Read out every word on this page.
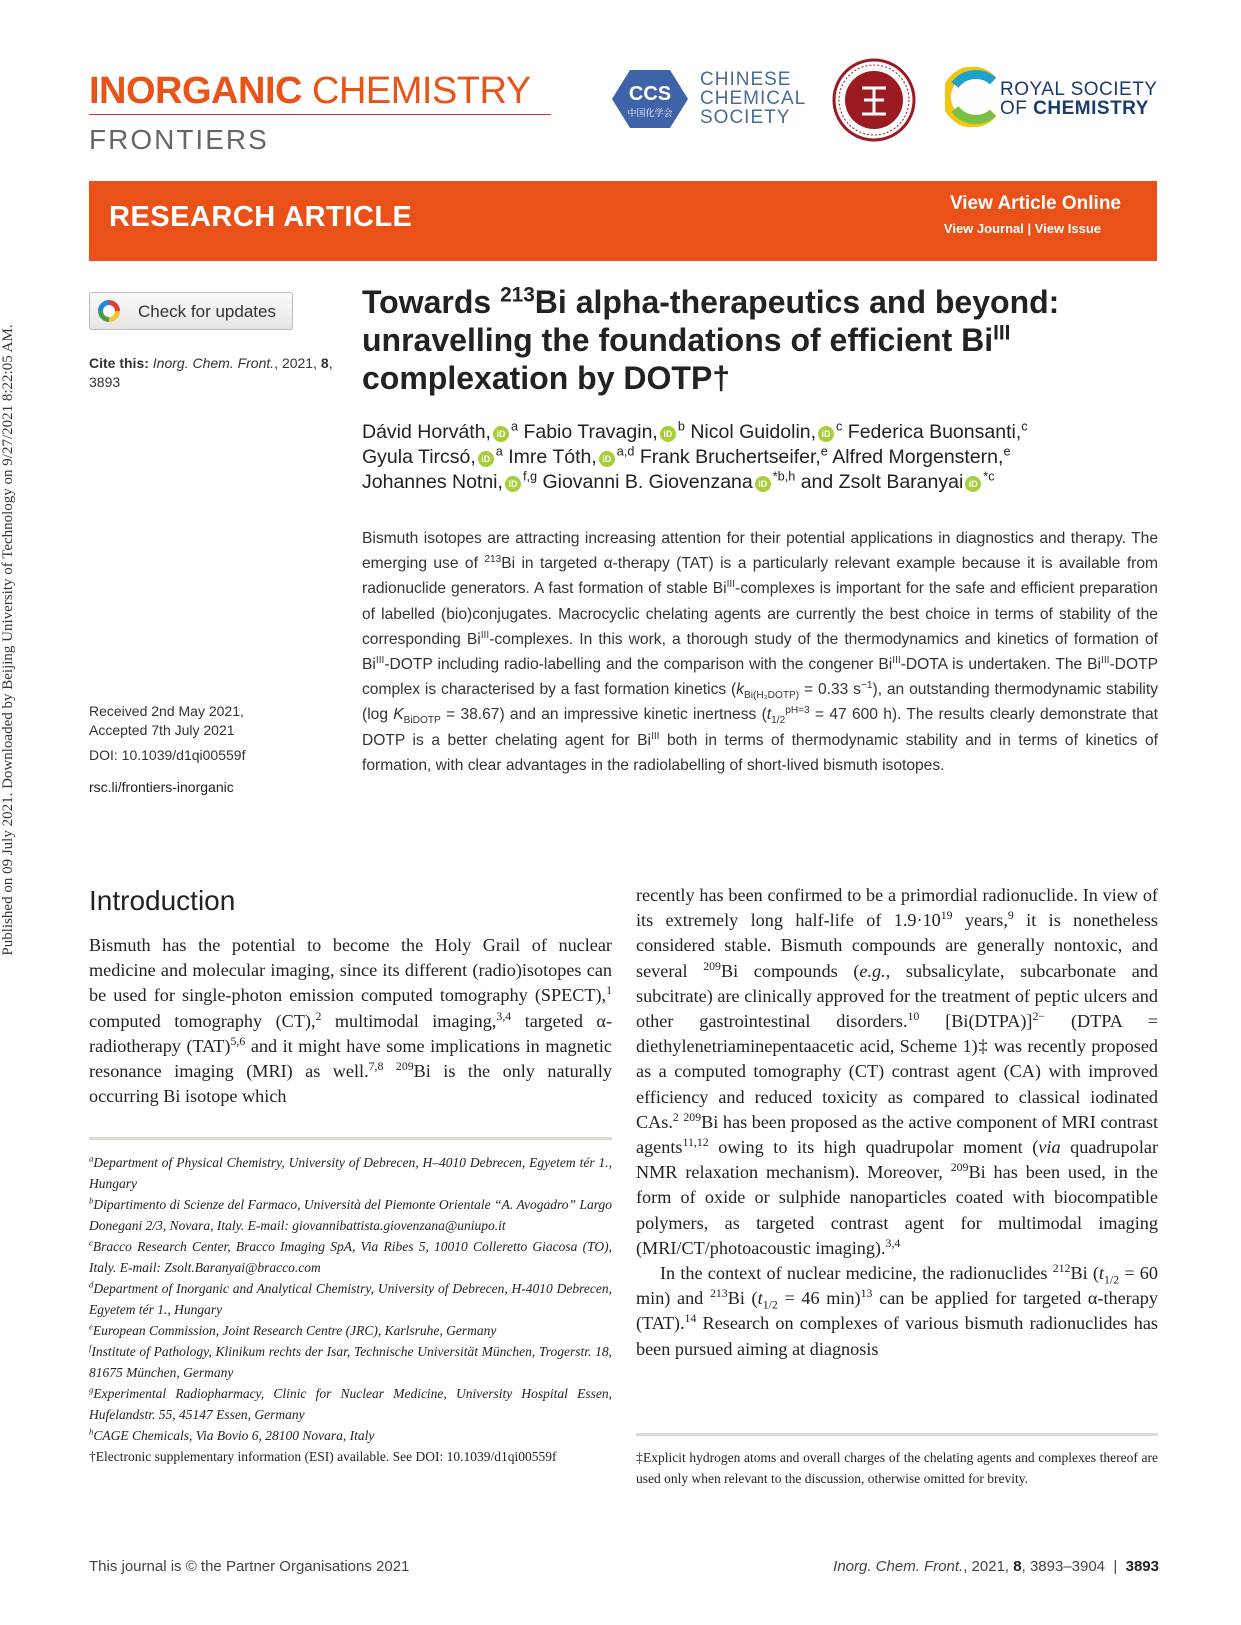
Published on 09 July 2021. Downloaded by Beijing University of Technology on 9/27/2021 8:22:05 AM.
INORGANIC CHEMISTRY
FRONTIERS
CCS
中国化学会
CHINESE
CHEMICAL
SOCIETY
ROYAL SOCIETY
OF CHEMISTRY
RESEARCH ARTICLE	View Article Online
View Journal | View Issue
Check for updates
Cite this: Inorg. Chem. Front., 2021, 8, 3893
Received 2nd May 2021,
Accepted 7th July 2021
DOI: 10.1039/d1qi00559f
rsc.li/frontiers-inorganic
Towards $^{213}$Bi alpha-therapeutics and beyond:
unravelling the foundations of efficient $Bi^{III}$
complexation by DOTP†
Dávid Horváth, $iD^a$ Fabio Travagin, $iD^b$ Nicol Guidolin, $iD^c$ Federica Buonsanti,$^c$
Gyula Tircsó, $iD^a$ Imre Tóth, iD$^{a,d}$ Frank Bruchertseifer,$^e$ Alfred Morgenstern,$^e$
Johannes Notni, iD$^{f,g}$ Giovanni B. Giovenzana iD$^{*b,h}$ and Zsolt Baranyai $iD^{*c}$
Bismuth isotopes are attracting increasing attention for their potential applications in diagnostics and therapy. The emerging use of $^{213}$Bi in targeted α-therapy (TAT) is a particularly relevant example because it is available from radionuclide generators. A fast formation of stable $Bi^{III}$-complexes is important for the safe and efficient preparation of labelled (bio)conjugates. Macrocyclic chelating agents are currently the best choice in terms of stability of the corresponding $Bi^{III}$-complexes. In this work, a thorough study of the thermodynamics and kinetics of formation of $Bi^{III}$-DOTP including radio-labelling and the comparison with the congener $Bi^{III}$-DOTA is undertaken. The $Bi^{III}$-DOTP complex is characterised by a fast formation kinetics ($k_{Bi(H_2DOTP)} = 0.33$ $s^{-1}$), an outstanding thermodynamic stability (log $K_{BiDOTP} = 38.67$) and an impressive kinetic inertness ($t_{1/2}^{pH=3} = 47$ 600 h). The results clearly demonstrate that DOTP is a better chelating agent for $Bi^{III}$ both in terms of thermodynamic stability and in terms of kinetics of formation, with clear advantages in the radiolabelling of short-lived bismuth isotopes.
Introduction
Bismuth has the potential to become the Holy Grail of nuclear medicine and molecular imaging, since its different (radio)isotopes can be used for single-photon emission computed tomography (SPECT),$^1$ computed tomography (CT),$^2$ multimodal imaging,$^{3,4}$ targeted α-radiotherapy (TAT)$^{5,6}$ and it might have some implications in magnetic resonance imaging (MRI) as well.$^{7,8}$ $^{209}$Bi is the only naturally occurring Bi isotope which

recently has been confirmed to be a primordial radionuclide. In view of its extremely long half-life of $1.9\cdot 10^{19}$ years,$^9$ it is nonetheless considered stable. Bismuth compounds are generally nontoxic, and several $^{209}$Bi compounds (e.g., subsalicylate, subcarbonate and subcitrate) are clinically approved for the treatment of peptic ulcers and other gastrointestinal disorders.$^{10}$ [Bi(DTPA)]$^{2-}$ (DTPA = diethylenetriaminepentaacetic acid, Scheme 1)‡ was recently proposed as a computed tomography (CT) contrast agent (CA) with improved efficiency and reduced toxicity as compared to classical iodinated CAs.$^2$ $^{209}$Bi has been proposed as the active component of MRI contrast agents$^{11,12}$ owing to its high quadrupolar moment (via quadrupolar NMR relaxation mechanism). Moreover, $^{209}$Bi has been used, in the form of oxide or sulphide nanoparticles coated with biocompatible polymers, as targeted contrast agent for multimodal imaging (MRI/CT/photoacoustic imaging).$^{3,4}$

In the context of nuclear medicine, the radionuclides $^{212}$Bi ($t_{1/2} = 60$ min) and $^{213}$Bi ($t_{1/2} = 46$ min)$^{13}$ can be applied for targeted α-therapy (TAT).$^{14}$ Research on complexes of various bismuth radionuclides has been pursued aiming at diagnosis

$^a$Department of Physical Chemistry, University of Debrecen, H–4010 Debrecen, Egyetem tér 1., Hungary
$^b$Dipartimento di Scienze del Farmaco, Università del Piemonte Orientale “A. Avogadro” Largo Donegani 2/3, Novara, Italy. E-mail: giovannibattista.giovenzana@uniupo.it
$^c$Bracco Research Center, Bracco Imaging SpA, Via Ribes 5, 10010 Colleretto Giacosa (TO), Italy. E-mail: Zsolt.Baranyai@bracco.com
$^d$Department of Inorganic and Analytical Chemistry, University of Debrecen, H-4010 Debrecen, Egyetem tér 1., Hungary
$^e$European Commission, Joint Research Centre (JRC), Karlsruhe, Germany
$^f$Institute of Pathology, Klinikum rechts der Isar, Technische Universität München, Trogerstr. 18, 81675 München, Germany
$^g$Experimental Radiopharmacy, Clinic for Nuclear Medicine, University Hospital Essen, Hufelandstr. 55, 45147 Essen, Germany
$^h$CAGE Chemicals, Via Bovio 6, 28100 Novara, Italy
†Electronic supplementary information (ESI) available. See DOI: 10.1039/d1qi00559f	‡Explicit hydrogen atoms and overall charges of the chelating agents and complexes thereof are used only when relevant to the discussion, otherwise omitted for brevity.
This journal is © the Partner Organisations 2021	Inorg. Chem. Front., 2021, 8, 3893–3904 | 3893
